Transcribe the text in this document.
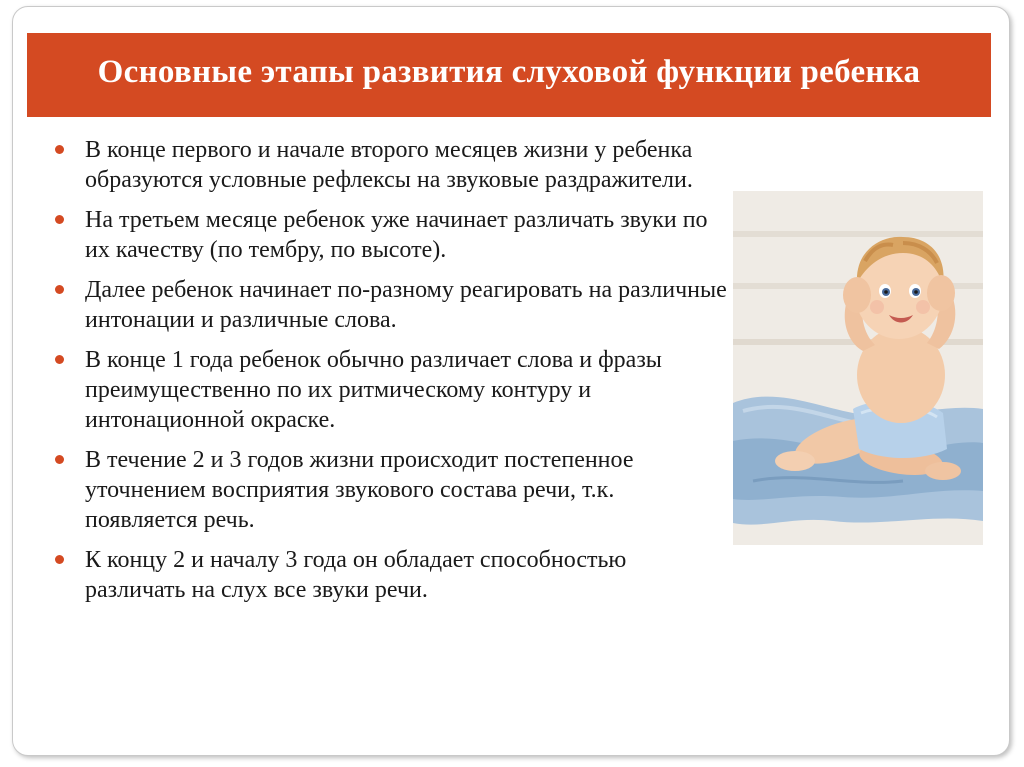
Основные этапы развития слуховой функции ребенка
В конце первого и начале второго месяцев жизни у ребенка образуются условные рефлексы на звуковые раздражители.
На третьем месяце ребенок уже начинает различать звуки по их качеству (по тембру, по высоте).
Далее ребенок начинает по-разному реагировать на различные интонации и различные слова.
В конце 1 года ребенок обычно различает слова и фразы преимущественно по их ритмическому контуру и интонационной окраске.
В течение 2 и 3 годов жизни происходит постепенное уточнением восприятия звукового состава речи, т.к. появляется речь.
К концу 2 и началу 3 года он обладает способностью различать на слух все звуки речи.
